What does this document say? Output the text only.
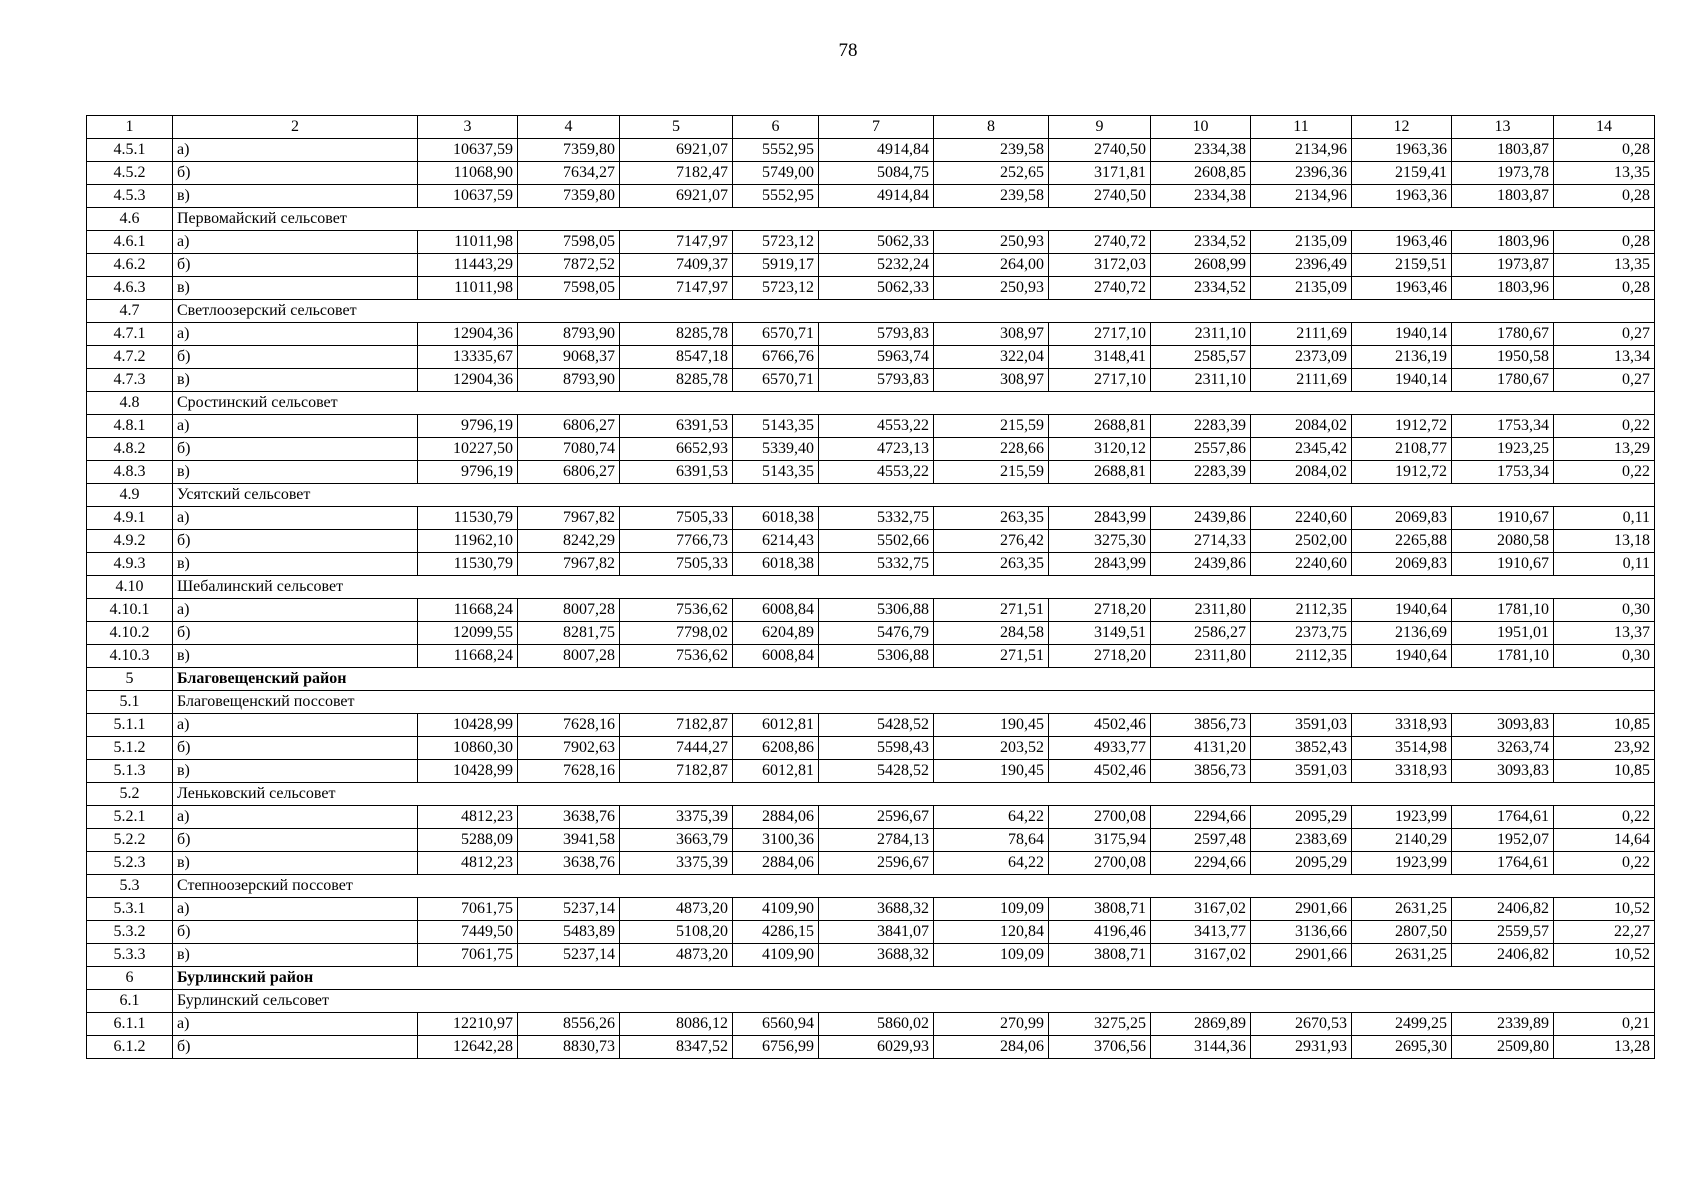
78
1	2	3	4	5	6	7	8	9	10	11	12	13	14
4.5.1	а)	10637,59	7359,80	6921,07	5552,95	4914,84	239,58	2740,50	2334,38	2134,96	1963,36	1803,87	0,28
4.5.2	б)	11068,90	7634,27	7182,47	5749,00	5084,75	252,65	3171,81	2608,85	2396,36	2159,41	1973,78	13,35
4.5.3	в)	10637,59	7359,80	6921,07	5552,95	4914,84	239,58	2740,50	2334,38	2134,96	1963,36	1803,87	0,28
4.6	Первомайский сельсовет												
4.6.1	а)	11011,98	7598,05	7147,97	5723,12	5062,33	250,93	2740,72	2334,52	2135,09	1963,46	1803,96	0,28
4.6.2	б)	11443,29	7872,52	7409,37	5919,17	5232,24	264,00	3172,03	2608,99	2396,49	2159,51	1973,87	13,35
4.6.3	в)	11011,98	7598,05	7147,97	5723,12	5062,33	250,93	2740,72	2334,52	2135,09	1963,46	1803,96	0,28
4.7	Светлоозерский сельсовет												
4.7.1	а)	12904,36	8793,90	8285,78	6570,71	5793,83	308,97	2717,10	2311,10	2111,69	1940,14	1780,67	0,27
4.7.2	б)	13335,67	9068,37	8547,18	6766,76	5963,74	322,04	3148,41	2585,57	2373,09	2136,19	1950,58	13,34
4.7.3	в)	12904,36	8793,90	8285,78	6570,71	5793,83	308,97	2717,10	2311,10	2111,69	1940,14	1780,67	0,27
4.8	Сростинский сельсовет												
4.8.1	а)	9796,19	6806,27	6391,53	5143,35	4553,22	215,59	2688,81	2283,39	2084,02	1912,72	1753,34	0,22
4.8.2	б)	10227,50	7080,74	6652,93	5339,40	4723,13	228,66	3120,12	2557,86	2345,42	2108,77	1923,25	13,29
4.8.3	в)	9796,19	6806,27	6391,53	5143,35	4553,22	215,59	2688,81	2283,39	2084,02	1912,72	1753,34	0,22
4.9	Усятский сельсовет												
4.9.1	а)	11530,79	7967,82	7505,33	6018,38	5332,75	263,35	2843,99	2439,86	2240,60	2069,83	1910,67	0,11
4.9.2	б)	11962,10	8242,29	7766,73	6214,43	5502,66	276,42	3275,30	2714,33	2502,00	2265,88	2080,58	13,18
4.9.3	в)	11530,79	7967,82	7505,33	6018,38	5332,75	263,35	2843,99	2439,86	2240,60	2069,83	1910,67	0,11
4.10	Шебалинский сельсовет												
4.10.1	а)	11668,24	8007,28	7536,62	6008,84	5306,88	271,51	2718,20	2311,80	2112,35	1940,64	1781,10	0,30
4.10.2	б)	12099,55	8281,75	7798,02	6204,89	5476,79	284,58	3149,51	2586,27	2373,75	2136,69	1951,01	13,37
4.10.3	в)	11668,24	8007,28	7536,62	6008,84	5306,88	271,51	2718,20	2311,80	2112,35	1940,64	1781,10	0,30
5	Благовещенский район												
5.1	Благовещенский поссовет												
5.1.1	а)	10428,99	7628,16	7182,87	6012,81	5428,52	190,45	4502,46	3856,73	3591,03	3318,93	3093,83	10,85
5.1.2	б)	10860,30	7902,63	7444,27	6208,86	5598,43	203,52	4933,77	4131,20	3852,43	3514,98	3263,74	23,92
5.1.3	в)	10428,99	7628,16	7182,87	6012,81	5428,52	190,45	4502,46	3856,73	3591,03	3318,93	3093,83	10,85
5.2	Леньковский сельсовет												
5.2.1	а)	4812,23	3638,76	3375,39	2884,06	2596,67	64,22	2700,08	2294,66	2095,29	1923,99	1764,61	0,22
5.2.2	б)	5288,09	3941,58	3663,79	3100,36	2784,13	78,64	3175,94	2597,48	2383,69	2140,29	1952,07	14,64
5.2.3	в)	4812,23	3638,76	3375,39	2884,06	2596,67	64,22	2700,08	2294,66	2095,29	1923,99	1764,61	0,22
5.3	Степноозерский поссовет												
5.3.1	а)	7061,75	5237,14	4873,20	4109,90	3688,32	109,09	3808,71	3167,02	2901,66	2631,25	2406,82	10,52
5.3.2	б)	7449,50	5483,89	5108,20	4286,15	3841,07	120,84	4196,46	3413,77	3136,66	2807,50	2559,57	22,27
5.3.3	в)	7061,75	5237,14	4873,20	4109,90	3688,32	109,09	3808,71	3167,02	2901,66	2631,25	2406,82	10,52
6	Бурлинский район												
6.1	Бурлинский сельсовет												
6.1.1	а)	12210,97	8556,26	8086,12	6560,94	5860,02	270,99	3275,25	2869,89	2670,53	2499,25	2339,89	0,21
6.1.2	б)	12642,28	8830,73	8347,52	6756,99	6029,93	284,06	3706,56	3144,36	2931,93	2695,30	2509,80	13,28
